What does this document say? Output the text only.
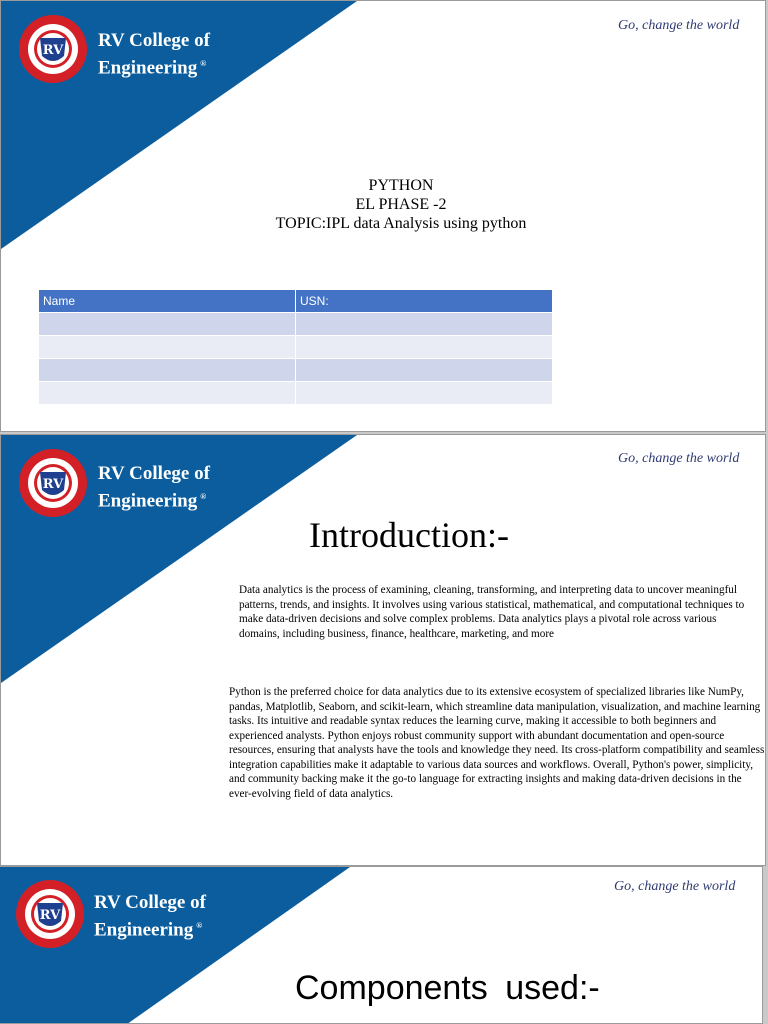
RV RV College of
Engineering ®
Go, change the world
PYTHON
EL PHASE -2
TOPIC:IPL data Analysis using python
Name	USN:

RV
RV College of
Engineering ®
Go, change the world
Introduction:-
Data analytics is the process of examining, cleaning, transforming, and interpreting data to uncover meaningful patterns, trends, and insights. It involves using various statistical, mathematical, and computational techniques to make data-driven decisions and solve complex problems. Data analytics plays a pivotal role across various domains, including business, finance, healthcare, marketing, and more
Python is the preferred choice for data analytics due to its extensive ecosystem of specialized libraries like NumPy, pandas, Matplotlib, Seaborn, and scikit-learn, which streamline data manipulation, visualization, and machine learning tasks. Its intuitive and readable syntax reduces the learning curve, making it accessible to both beginners and experienced analysts. Python enjoys robust community support with abundant documentation and open-source resources, ensuring that analysts have the tools and knowledge they need. Its cross-platform compatibility and seamless integration capabilities make it adaptable to various data sources and workflows. Overall, Python's power, simplicity, and community backing make it the go-to language for extracting insights and making data-driven decisions in the ever-evolving field of data analytics.
RV
RV College of
Engineering ®
Go, change the world
Components used:-
